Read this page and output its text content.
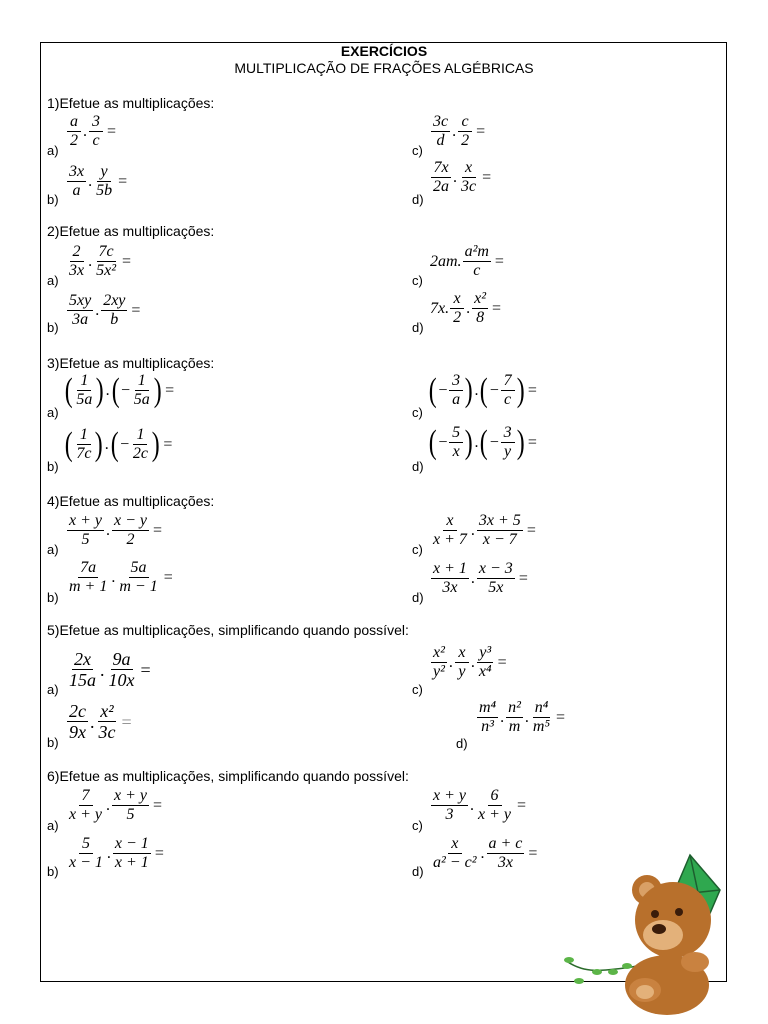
EXERCÍCIOS
MULTIPLICAÇÃO DE FRAÇÕES ALGÉBRICAS
1)Efetue as multiplicações:
2)Efetue as multiplicações:
3)Efetue as multiplicações:
4)Efetue as multiplicações:
5)Efetue as multiplicações, simplificando quando possível:
6)Efetue as multiplicações, simplificando quando possível:
a)
$\frac{a}{2}$ . $\frac{3}{c}$ =
b)
$\frac{3x}{a}$ . $\frac{y}{5b}$ =
c)
$\frac{3c}{d}$ . $\frac{c}{2}$ =
d)
$\frac{7x}{2a}$ . $\frac{x}{3c}$ =
a)
$\frac{2}{3x}$ . $\frac{7c}{\text{5x²}}$ =
$b) \frac{5xy}{3a}$ . $\frac{2xy}{b}$ =
c)
2am. $\frac{\text{a²m}}{c}$ =
d)
7x. $\frac{x}{2}$ . $\frac{\text{x²}}{8}$ =
a)
( $\frac{1}{5a}$ ) . ( − $\frac{1}{5a}$ ) =
b)
( $\frac{1}{7c}$ ) . ( − $\frac{1}{2c}$ ) =
c)
( − $\frac{3}{a}$ ) . ( − $\frac{7}{c}$ ) =
d)
( − $\frac{5}{x}$ ) . ( − $\frac{3}{y}$ ) =
a)
$\frac{x + y}{5}$ . $\frac{x - y}{2}$ =
b)
$\frac{7a}{m + 1}$ . $\frac{5a}{m - 1}$ =
c)
$\frac{x}{x + 7}$ . $\frac{3x + 5}{x - 7}$ =
d)
$\frac{x + 1}{3x}$ . $\frac{x - 3}{5x}$ =
a)
$\frac{2x}{15a}$ . $\frac{9a}{10x}$ =
b)
$\frac{2c}{9x}$ . $\frac{\text{x²}}{3c}$ =
c)
$\frac{\text{x²}}{\text{y²}}$ . $\frac{x}{y}$ . $\frac{\text{y³}}{\text{x⁴}}$ =
d)
$\frac{\text{m⁴}}{\text{n³}}$ . $\frac{\text{n²}}{m}$ . $\frac{\text{n⁴}}{\text{m⁵}}$ =
a)
$\frac{7}{x + y}$ . $\frac{x + y}{5}$ =
b)
$\frac{5}{x - 1}$ . $\frac{x - 1}{x + 1}$ =
c)
$\frac{x + y}{3}$ . $\frac{6}{x + y}$ =
d)
$\frac{x}{\text{a² − c²}}$ . $\frac{a + c}{3x}$ =
